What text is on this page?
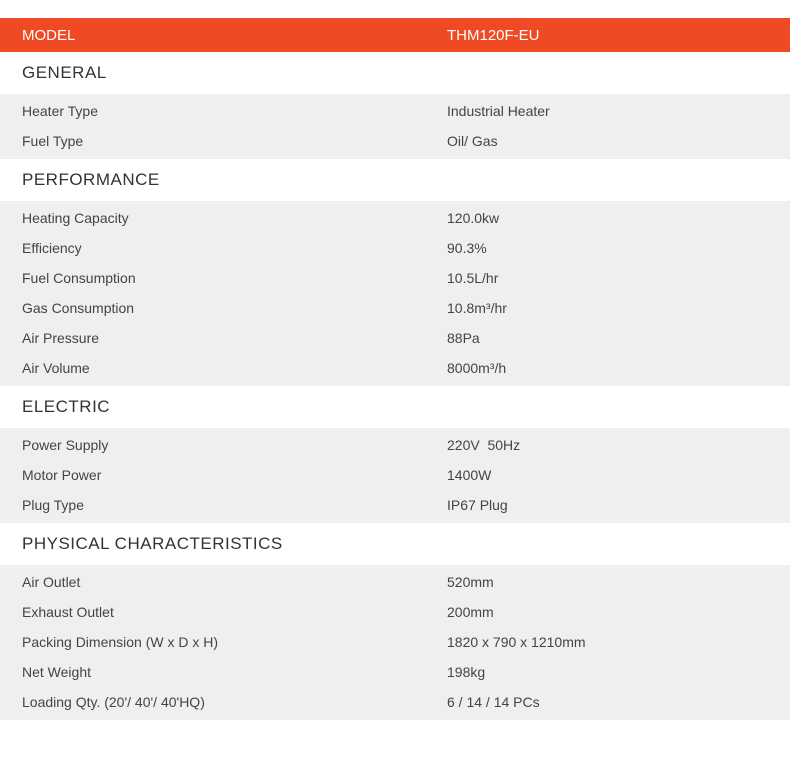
MODEL	THM120F-EU
GENERAL
Heater Type	Industrial Heater
Fuel Type	Oil/ Gas
PERFORMANCE
Heating Capacity	120.0kw
Efficiency	90.3%
Fuel Consumption	10.5L/hr
Gas Consumption	10.8m³/hr
Air Pressure	88Pa
Air Volume	8000m³/h
ELECTRIC
Power Supply	220V  50Hz
Motor Power	1400W
Plug Type	IP67 Plug
PHYSICAL CHARACTERISTICS
Air Outlet	520mm
Exhaust Outlet	200mm
Packing Dimension (W x D x H)	1820 x 790 x 1210mm
Net Weight	198kg
Loading Qty. (20'/ 40'/ 40'HQ)	6 / 14 / 14 PCs
